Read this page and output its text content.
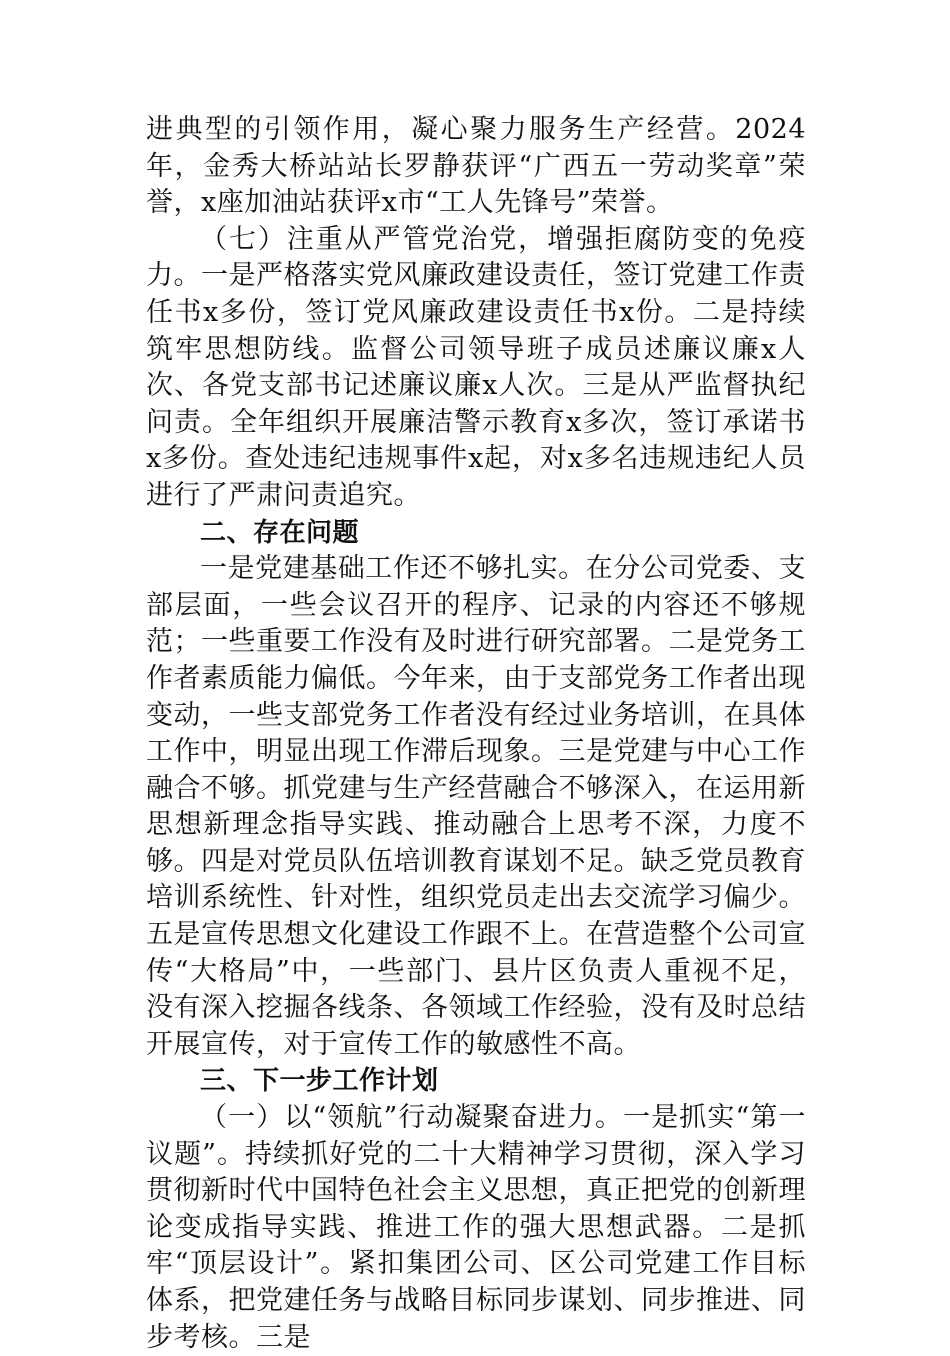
进典型的引领作用，凝心聚力服务生产经营。2024年，金秀大桥站站长罗静获评“广西五一劳动奖章”荣誉，x座加油站获评x市“工人先锋号”荣誉。

（七）注重从严管党治党，增强拒腐防变的免疫力。一是严格落实党风廉政建设责任，签订党建工作责任书x多份，签订党风廉政建设责任书x份。二是持续筑牢思想防线。监督公司领导班子成员述廉议廉x人次、各党支部书记述廉议廉x人次。三是从严监督执纪问责。全年组织开展廉洁警示教育x多次，签订承诺书x多份。查处违纪违规事件x起，对x多名违规违纪人员进行了严肃问责追究。

二、存在问题

一是党建基础工作还不够扎实。在分公司党委、支部层面，一些会议召开的程序、记录的内容还不够规范；一些重要工作没有及时进行研究部署。二是党务工作者素质能力偏低。今年来，由于支部党务工作者出现变动，一些支部党务工作者没有经过业务培训，在具体工作中，明显出现工作滞后现象。三是党建与中心工作融合不够。抓党建与生产经营融合不够深入，在运用新思想新理念指导实践、推动融合上思考不深，力度不够。四是对党员队伍培训教育谋划不足。缺乏党员教育培训系统性、针对性，组织党员走出去交流学习偏少。五是宣传思想文化建设工作跟不上。在营造整个公司宣传“大格局”中，一些部门、县片区负责人重视不足，没有深入挖掘各线条、各领域工作经验，没有及时总结开展宣传，对于宣传工作的敏感性不高。

三、下一步工作计划

（一）以“领航”行动凝聚奋进力。一是抓实“第一议题”。持续抓好党的二十大精神学习贯彻，深入学习贯彻新时代中国特色社会主义思想，真正把党的创新理论变成指导实践、推进工作的强大思想武器。二是抓牢“顶层设计”。紧扣集团公司、区公司党建工作目标体系，把党建任务与战略目标同步谋划、同步推进、同步考核。三是
